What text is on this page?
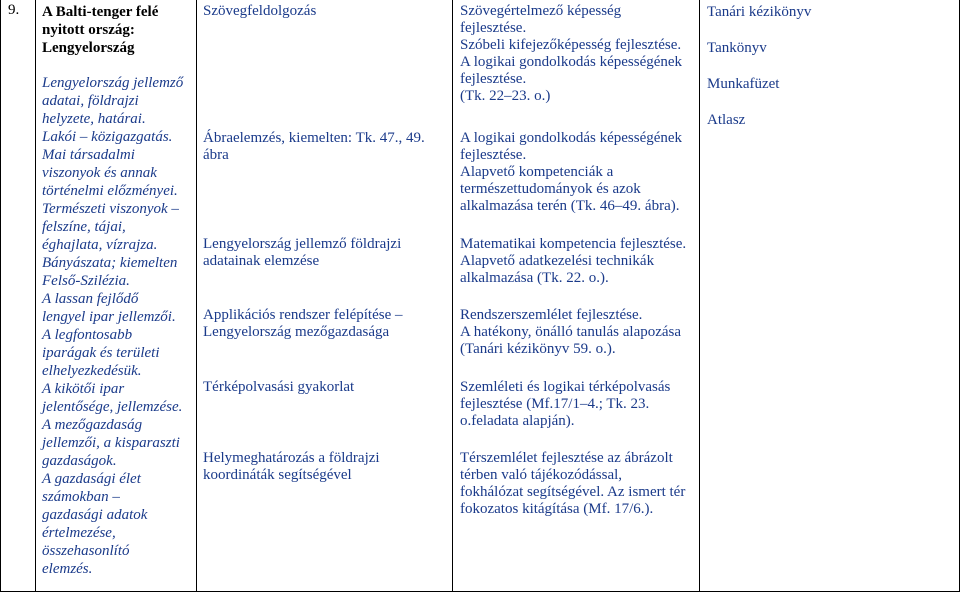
9. A Balti-tenger felé
nyitott ország:
Lengyelország
Lengyelország jellemző
adatai, földrajzi
helyzete, határai.
Lakói – közigazgatás.
Mai társadalmi
viszonyok és annak
történelmi előzményei.
Természeti viszonyok –
felszíne, tájai,
éghajlata, vízrajza.
Bányászata; kiemelten
Felső-Szilézia.
A lassan fejlődő
lengyel ipar jellemzői.
A legfontosabb
iparágak és területi
elhelyezkedésük.
A kikötői ipar
jelentősége, jellemzése.
A mezőgazdaság
jellemzői, a kisparaszti
gazdaságok.
A gazdasági élet
számokban –
gazdasági adatok
értelmezése,
összehasonlító
elemzés.
Szövegfeldolgozás
Ábraelemzés, kiemelten: Tk. 47., 49.
ábra
Lengyelország jellemző földrajzi
adatainak elemzése
Applikációs rendszer felépítése –
Lengyelország mezőgazdasága
Térképolvasási gyakorlat
Helymeghatározás a földrajzi
koordináták segítségével
Szövegértelmező képesség
fejlesztése.
Szóbeli kifejezőképesség fejlesztése.
A logikai gondolkodás képességének
fejlesztése.
(Tk. 22–23. o.)
A logikai gondolkodás képességének
fejlesztése.
Alapvető kompetenciák a
természettudományok és azok
alkalmazása terén (Tk. 46–49. ábra).
Matematikai kompetencia fejlesztése.
Alapvető adatkezelési technikák
alkalmazása (Tk. 22. o.).
Rendszerszemlélet fejlesztése.
A hatékony, önálló tanulás alapozása
(Tanári kézikönyv 59. o.).
Szemléleti és logikai térképolvasás
fejlesztése (Mf.17/1–4.; Tk. 23.
o.feladata alapján).
Térszemlélet fejlesztése az ábrázolt
térben való tájékozódással,
fokhálózat segítségével. Az ismert tér
fokozatos kitágítása (Mf. 17/6.).
Tanári kézikönyv
Tankönyv
Munkafüzet
Atlasz
